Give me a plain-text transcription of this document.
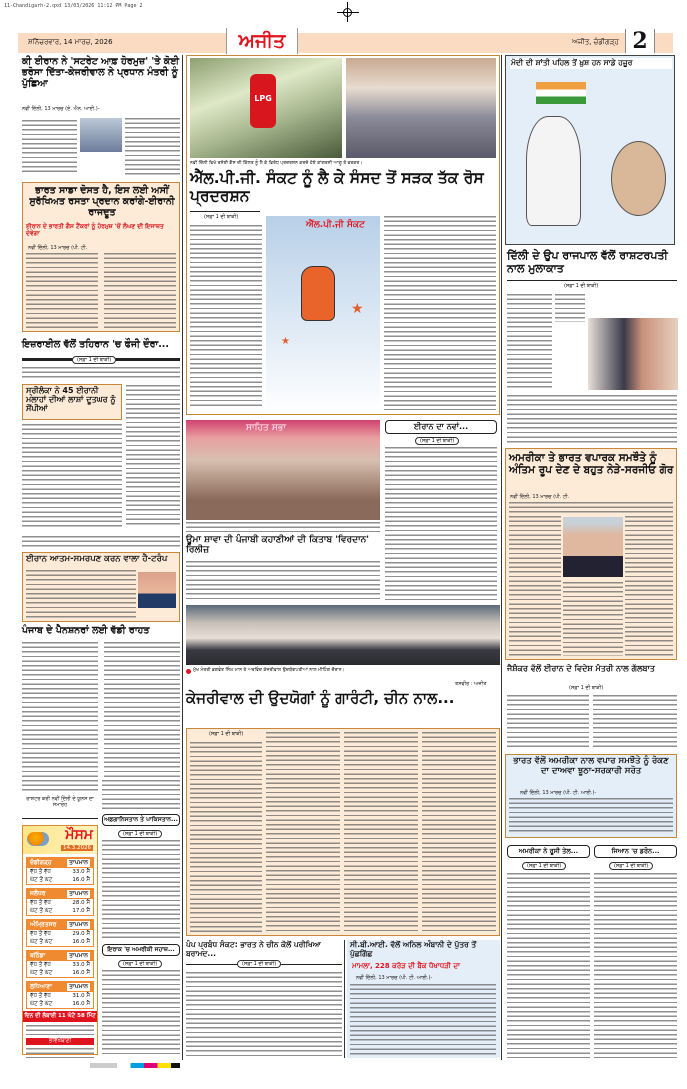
11-Chandigarh-2.qxd 13/03/2026 11:12 PM Page 2
ਸ਼ਨਿੱਚਰਵਾਰ, 14 ਮਾਰਚ, 2026	ਅਜੀਤ	ਅਜੀਤ, ਚੰਡੀਗੜ੍ਹ 2
ਕੀ ਈਰਾਨ ਨੇ 'ਸਟਰੇਟ ਆਫ਼ ਹੋਰਮੁਜ਼' 'ਤੇ ਕੋਈ ਭਰੋਸਾ ਦਿੱਤਾ-ਕੇਜਰੀਵਾਲ ਨੇ ਪ੍ਰਧਾਨ ਮੰਤਰੀ ਨੂੰ ਪੁੱਛਿਆ
ਨਵੀਂ ਦਿੱਲੀ, 13 ਮਾਰਚ (ਏ. ਐਨ. ਆਈ.)-
ਭਾਰਤ ਸਾਡਾ ਦੋਸਤ ਹੈ, ਇਸ ਲਈ ਅਸੀਂ ਸੁਰੱਖਿਅਤ ਰਸਤਾ ਪ੍ਰਦਾਨ ਕਰਾਂਗੇ-ਈਰਾਨੀ ਰਾਜਦੂਤ
ਈਰਾਨ ਦੇ ਭਾਰਤੀ ਗੈਸ ਟੈਂਕਰਾਂ ਨੂੰ ਹੋਰਮੁਜ਼ 'ਚੋਂ ਲੰਘਣ ਦੀ ਇਜਾਜ਼ਤ ਦੇਵੇਗਾ
ਨਵੀਂ ਦਿੱਲੀ, 13 ਮਾਰਚ (ਪੀ. ਟੀ.
ਇਜ਼ਰਾਈਲ ਵੱਲੋਂ ਤਹਿਰਾਨ 'ਚ ਫੌਜੀ ਦੌਰਾ...
(ਸਫ਼ਾ 1 ਦੀ ਬਾਕੀ)
ਸ੍ਰੀਲੰਕਾ ਨੇ 45 ਈਰਾਨੀ ਮਲਾਹਾਂ ਦੀਆਂ ਲਾਸ਼ਾਂ ਦੂਤਘਰ ਨੂੰ ਸੌਂਪੀਆਂ
ਈਰਾਨ ਆਤਮ-ਸਮਰਪਣ ਕਰਨ ਵਾਲਾ ਹੈ-ਟਰੰਪ
ਪੰਜਾਬ ਦੇ ਪੈਨਸ਼ਨਰਾਂ ਲਈ ਵੱਡੀ ਰਾਹਤ
ਰਾਸ਼ਟਰ ਕਰੀ ਨਵੀਂ ਦਿੱਲੀ ਦੇ ਯੂਨਸ ਦਾ ਸਮਾਰੋਹ
ਮੌਸਮ
14.3.2026
ਚੰਡੀਗੜ੍ਹ	ਤਾਪਮਾਨ
ਵੱਧ ਤੋਂ ਵੱਧ	33.0 ਸੈ
ਘੱਟ ਤੋਂ ਘੱਟ	16.0 ਸੈ
ਜਲੰਧਰ	ਤਾਪਮਾਨ
ਵੱਧ ਤੋਂ ਵੱਧ	28.0 ਸੈ
ਘੱਟ ਤੋਂ ਘੱਟ	17.0 ਸੈ
ਅੰਮ੍ਰਿਤਸਰ	ਤਾਪਮਾਨ
ਵੱਧ ਤੋਂ ਵੱਧ	29.0 ਸੈ
ਘੱਟ ਤੋਂ ਘੱਟ	16.0 ਸੈ
ਬਠਿੰਡਾ	ਤਾਪਮਾਨ
ਵੱਧ ਤੋਂ ਵੱਧ	33.0 ਸੈ
ਘੱਟ ਤੋਂ ਘੱਟ	16.0 ਸੈ
ਲੁਧਿਆਣਾ	ਤਾਪਮਾਨ
ਵੱਧ ਤੋਂ ਵੱਧ	31.0 ਸੈ
ਘੱਟ ਤੋਂ ਘੱਟ	16.0 ਸੈ
ਦਿਨ ਦੀ ਲੰਬਾਈ 11 ਘੰਟੇ 58 ਮਿੰਟ
ਭਵਿੱਖਬਾਣੀ
ਅਫ਼ਗਾਨਿਸਤਾਨ ਤੇ ਪਾਕਿਸਤਾਨ...
(ਸਫ਼ਾ 1 ਦੀ ਬਾਕੀ)
ਇਰਾਕ 'ਚ ਅਮਰੀਕੀ ਜਹਾਜ਼...
(ਸਫ਼ਾ 1 ਦੀ ਬਾਕੀ)
LPG
ਨਵੀਂ ਦਿੱਲੀ ਵਿਖੇ ਰਸੋਈ ਗੈਸ ਦੀ ਕਿੱਲਤ ਨੂੰ ਲੈ ਕੇ ਵਿਰੋਧ ਪ੍ਰਦਰਸ਼ਨ ਕਰਦੇ ਹੋਏ ਕਾਂਗਰਸੀ ਆਗੂ ਤੇ ਵਰਕਰ।
ਐੱਲ.ਪੀ.ਜੀ. ਸੰਕਟ ਨੂੰ ਲੈ ਕੇ ਸੰਸਦ ਤੋਂ ਸੜਕ ਤੱਕ ਰੋਸ ਪ੍ਰਦਰਸ਼ਨ
(ਸਫ਼ਾ 1 ਦੀ ਬਾਕੀ)
ਐੱਲ.ਪੀ.ਜੀ ਸੰਕਟ
★
★
ਸਾਹਿਤ ਸਭਾ
ਊਮਾ ਸ਼ਾਵਾ ਦੀ ਪੰਜਾਬੀ ਕਹਾਣੀਆਂ ਦੀ ਕਿਤਾਬ 'ਵਿਰਦਾਨ' ਰਿਲੀਜ਼
ਈਰਾਨ ਦਾ ਨਵਾਂ...
(ਸਫ਼ਾ 1 ਦੀ ਬਾਕੀ)
ਮੁੱਖ ਮੰਤਰੀ ਭਗਵੰਤ ਸਿੰਘ ਮਾਨ ਤੇ ਅਰਵਿੰਦ ਕੇਜਰੀਵਾਲ ਉਦਯੋਗਪਤੀਆਂ ਨਾਲ ਮੀਟਿੰਗ ਦੌਰਾਨ।
ਤਸਵੀਰ : ਅਜੀਤ
ਕੇਜਰੀਵਾਲ ਦੀ ਉਦਯੋਗਾਂ ਨੂੰ ਗਾਰੰਟੀ, ਚੀਨ ਨਾਲ...
(ਸਫ਼ਾ 1 ਦੀ ਬਾਕੀ)
ਪੰਪ ਪ੍ਰਬੰਧ ਸੰਕਟ: ਭਾਰਤ ਨੇ ਚੀਨ ਕੋਲੋਂ ਪਰੀਖਿਆ ਬਰਾਮਦ...
(ਸਫ਼ਾ 1 ਦੀ ਬਾਕੀ)
ਸੀ.ਬੀ.ਆਈ. ਵੱਲੋਂ ਅਨਿਲ ਅੰਬਾਨੀ ਦੇ ਪੁੱਤਰ ਤੋਂ ਪੁੱਛਗਿੱਛ
ਮਾਮਲਾ, 228 ਕਰੋੜ ਦੀ ਬੈਂਕ ਧੋਖਾਧੜੀ ਦਾ
ਨਵੀਂ ਦਿੱਲੀ, 13 ਮਾਰਚ (ਪੀ. ਟੀ. ਆਈ.)-
ਮੋਦੀ ਦੀ ਸ਼ਾਂਤੀ ਪਹਿਲ ਤੋਂ ਖ਼ੁਸ਼ ਹਨ ਸਾਡੇ ਹਜ਼ੂਰ
ਦਿੱਲੀ ਦੇ ਉਪ ਰਾਜਪਾਲ ਵੱਲੋਂ ਰਾਸ਼ਟਰਪਤੀ ਨਾਲ ਮੁਲਾਕਾਤ
(ਸਫ਼ਾ 1 ਦੀ ਬਾਕੀ)
ਅਮਰੀਕਾ ਤੇ ਭਾਰਤ ਵਪਾਰਕ ਸਮਝੌਤੇ ਨੂੰ ਅੰਤਿਮ ਰੂਪ ਦੇਣ ਦੇ ਬਹੁਤ ਨੇੜੇ-ਸਰਜੀਓ ਗੋਰ
ਨਵੀਂ ਦਿੱਲੀ, 13 ਮਾਰਚ (ਪੀ. ਟੀ.
ਜੈਸ਼ੰਕਰ ਵੱਲੋਂ ਈਰਾਨ ਦੇ ਵਿਦੇਸ਼ ਮੰਤਰੀ ਨਾਲ ਗੱਲਬਾਤ
(ਸਫ਼ਾ 1 ਦੀ ਬਾਕੀ)
ਭਾਰਤ ਵੱਲੋਂ ਅਮਰੀਕਾ ਨਾਲ ਵਪਾਰ ਸਮਝੌਤੇ ਨੂੰ ਰੋਕਣ ਦਾ ਦਾਅਵਾ ਝੂਠਾ-ਸਰਕਾਰੀ ਸਰੋਤ
ਨਵੀਂ ਦਿੱਲੀ, 13 ਮਾਰਚ (ਪੀ. ਟੀ. ਆਈ.)-
ਅਮਰੀਕਾ ਨੇ ਰੂਸੀ ਤੇਲ...
(ਸਫ਼ਾ 1 ਦੀ ਬਾਕੀ)
ਜਿਆਨ 'ਚ ਡਰੋਨ...
(ਸਫ਼ਾ 1 ਦੀ ਬਾਕੀ)
